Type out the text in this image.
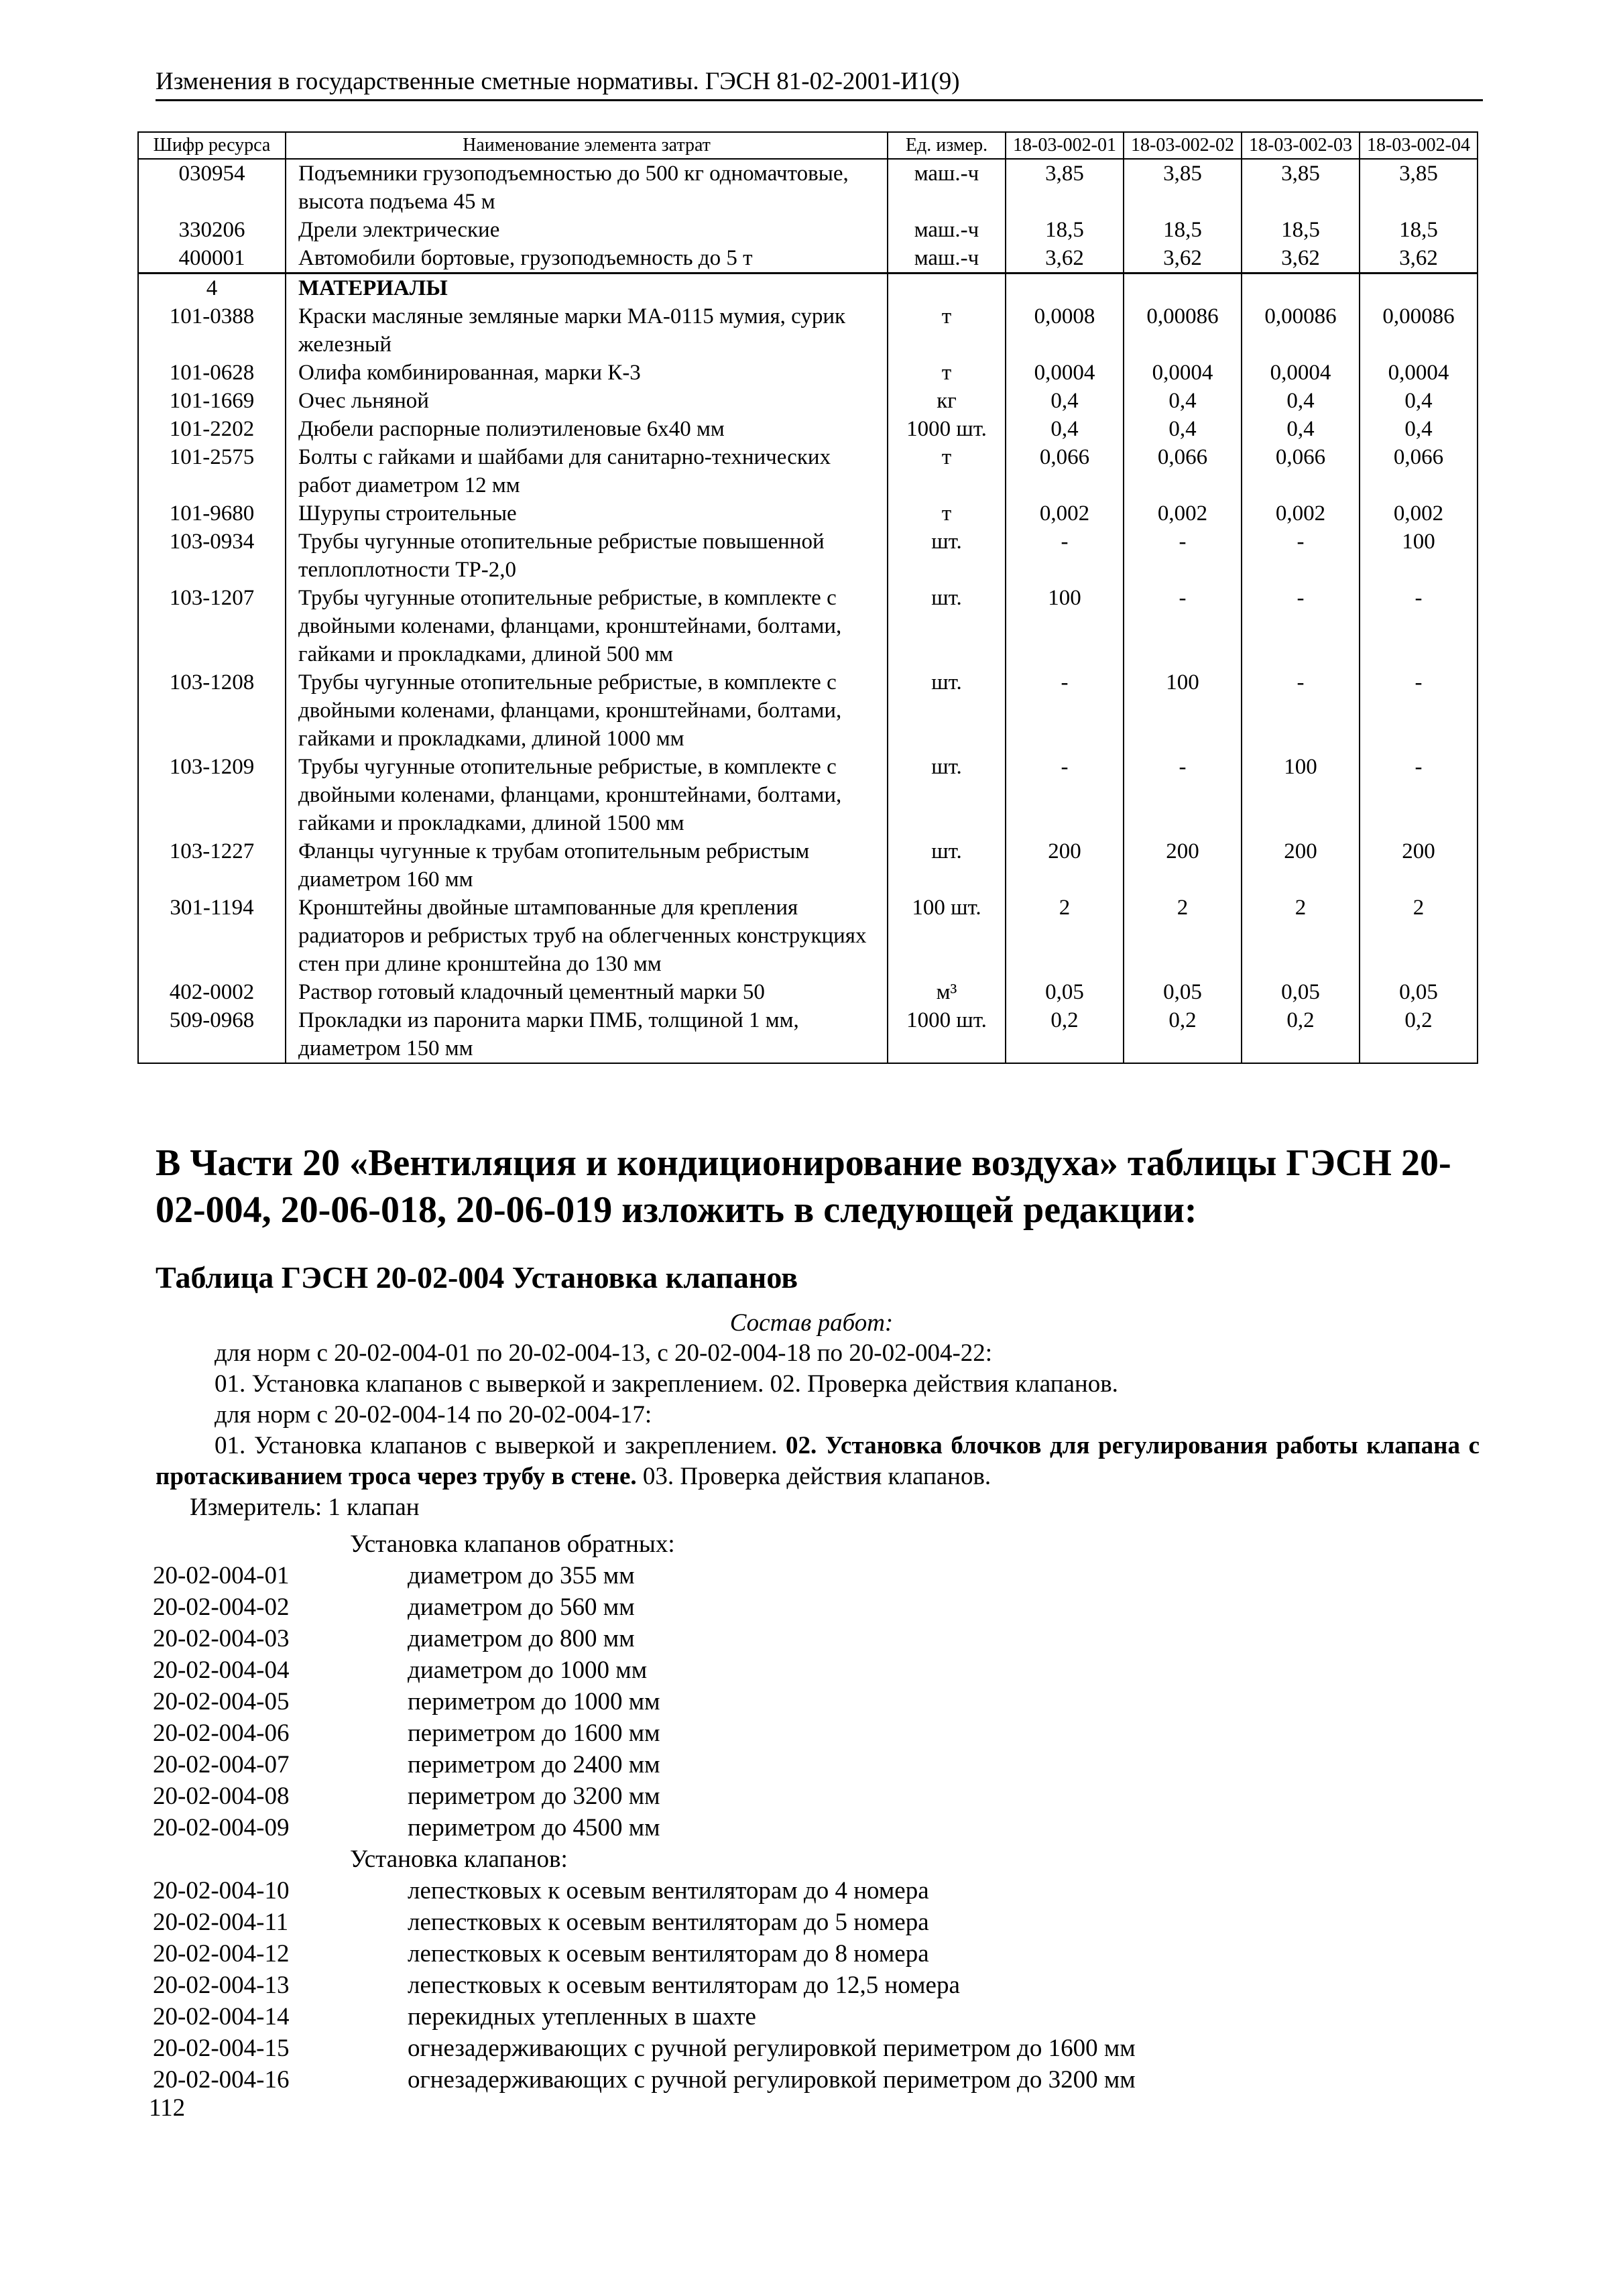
Изменения в государственные сметные нормативы. ГЭСН 81-02-2001-И1(9)
Шифр ресурса	Наименование элемента затрат	Ед. измер.	18-03-002-01	18-03-002-02	18-03-002-03	18-03-002-04
030954	Подъемники грузоподъемностью до 500 кг одномачтовые, высота подъема 45 м	маш.-ч	3,85	3,85	3,85	3,85
330206	Дрели электрические	маш.-ч	18,5	18,5	18,5	18,5
400001	Автомобили бортовые, грузоподъемность до 5 т	маш.-ч	3,62	3,62	3,62	3,62
4	МАТЕРИАЛЫ					
101-0388	Краски масляные земляные марки МА-0115 мумия, сурик железный	т	0,0008	0,00086	0,00086	0,00086
101-0628	Олифа комбинированная, марки К-3	т	0,0004	0,0004	0,0004	0,0004
101-1669	Очес льняной	кг	0,4	0,4	0,4	0,4
101-2202	Дюбели распорные полиэтиленовые 6х40 мм	1000 шт.	0,4	0,4	0,4	0,4
101-2575	Болты с гайками и шайбами для санитарно-технических работ диаметром 12 мм	т	0,066	0,066	0,066	0,066
101-9680	Шурупы строительные	т	0,002	0,002	0,002	0,002
103-0934	Трубы чугунные отопительные ребристые повышенной теплоплотности ТР-2,0	шт.	-	-	-	100
103-1207	Трубы чугунные отопительные ребристые, в комплекте с двойными коленами, фланцами, кронштейнами, болтами, гайками и прокладками, длиной 500 мм	шт.	100	-	-	-
103-1208	Трубы чугунные отопительные ребристые, в комплекте с двойными коленами, фланцами, кронштейнами, болтами, гайками и прокладками, длиной 1000 мм	шт.	-	100	-	-
103-1209	Трубы чугунные отопительные ребристые, в комплекте с двойными коленами, фланцами, кронштейнами, болтами, гайками и прокладками, длиной 1500 мм	шт.	-	-	100	-
103-1227	Фланцы чугунные к трубам отопительным ребристым диаметром 160 мм	шт.	200	200	200	200
301-1194	Кронштейны двойные штампованные для крепления радиаторов и ребристых труб на облегченных конструкциях стен при длине кронштейна до 130 мм	100 шт.	2	2	2	2
402-0002	Раствор готовый кладочный цементный марки 50	м³	0,05	0,05	0,05	0,05
509-0968	Прокладки из паронита марки ПМБ, толщиной 1 мм, диаметром 150 мм	1000 шт.	0,2	0,2	0,2	0,2
В Части 20 «Вентиляция и кондиционирование воздуха» таблицы ГЭСН 20-02-004, 20-06-018, 20-06-019 изложить в следующей редакции:
Таблица ГЭСН 20-02-004 Установка клапанов
Состав работ:
для норм с 20-02-004-01 по 20-02-004-13, с 20-02-004-18 по 20-02-004-22:
01. Установка клапанов с выверкой и закреплением. 02. Проверка действия клапанов.
для норм с 20-02-004-14 по 20-02-004-17:
01. Установка клапанов с выверкой и закреплением. 02. Установка блочков для регулирования работы клапана с протаскиванием троса через трубу в стене. 03. Проверка действия клапанов.
Измеритель: 1 клапан
Установка клапанов обратных:
20-02-004-01	диаметром до 355 мм
20-02-004-02	диаметром до 560 мм
20-02-004-03	диаметром до 800 мм
20-02-004-04	диаметром до 1000 мм
20-02-004-05	периметром до 1000 мм
20-02-004-06	периметром до 1600 мм
20-02-004-07	периметром до 2400 мм
20-02-004-08	периметром до 3200 мм
20-02-004-09	периметром до 4500 мм
Установка клапанов:
20-02-004-10	лепестковых к осевым вентиляторам до 4 номера
20-02-004-11	лепестковых к осевым вентиляторам до 5 номера
20-02-004-12	лепестковых к осевым вентиляторам до 8 номера
20-02-004-13	лепестковых к осевым вентиляторам до 12,5 номера
20-02-004-14	перекидных утепленных в шахте
20-02-004-15	огнезадерживающих с ручной регулировкой периметром до 1600 мм
20-02-004-16	огнезадерживающих с ручной регулировкой периметром до 3200 мм
112
